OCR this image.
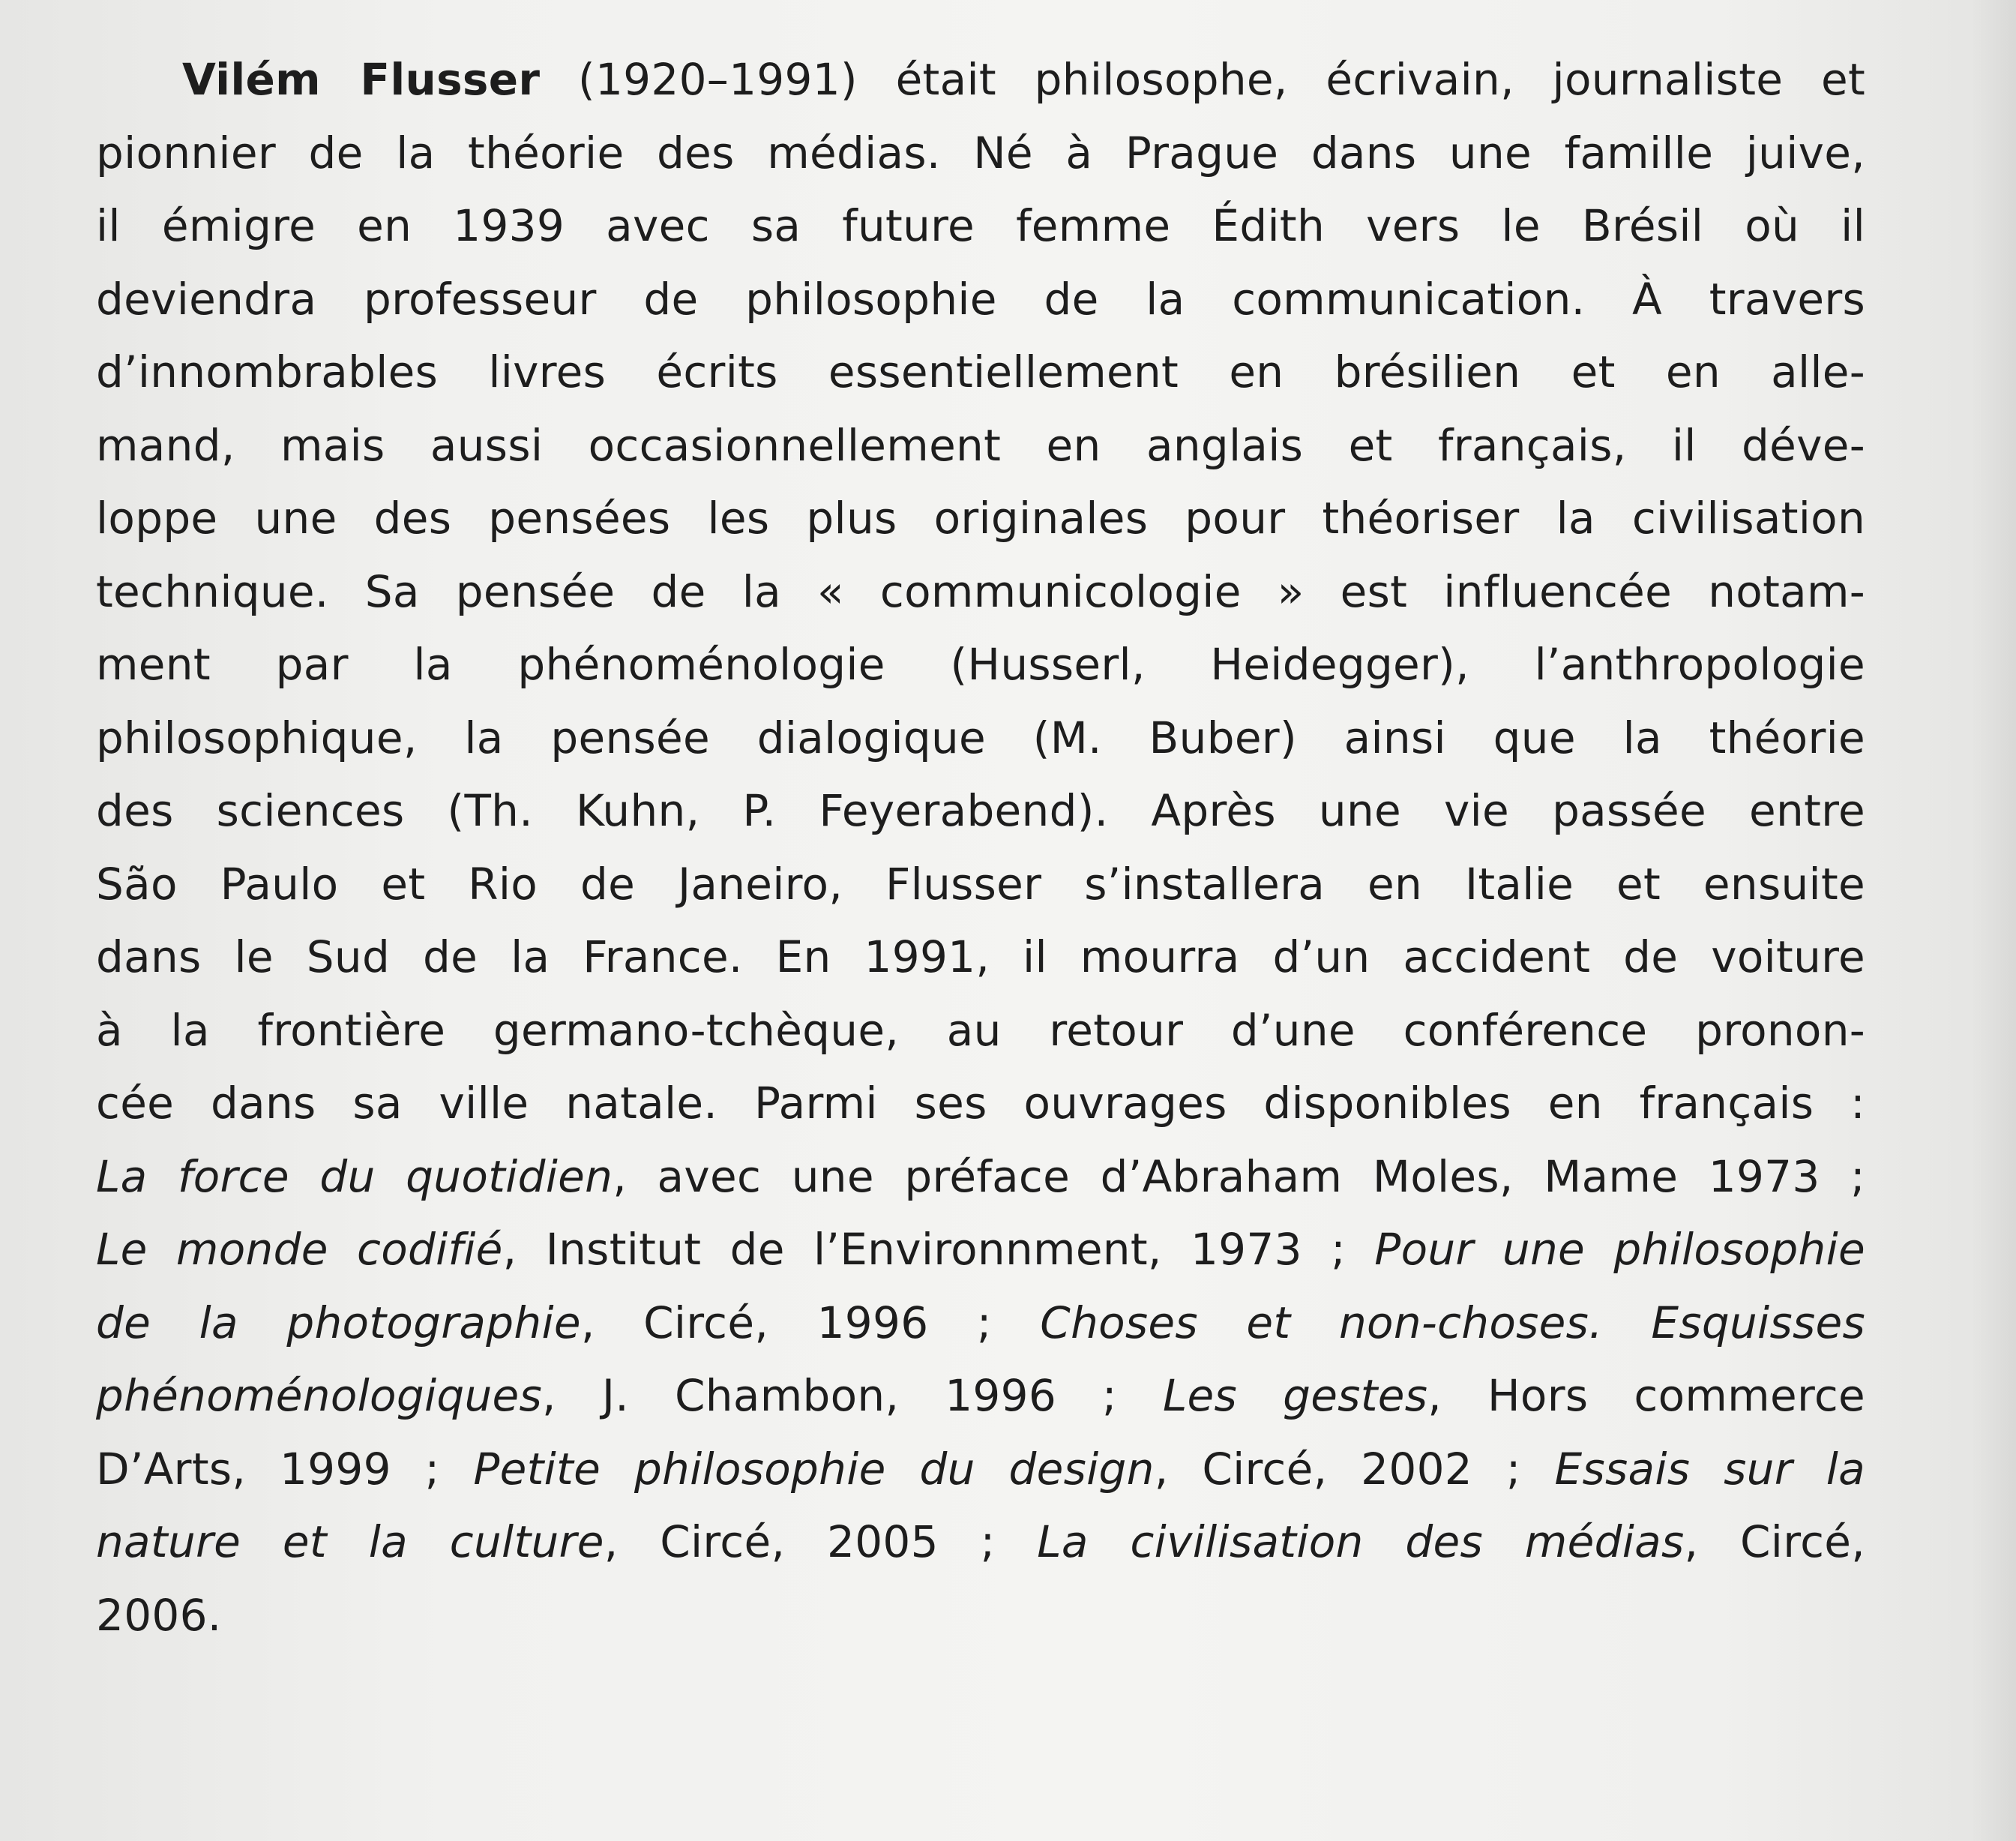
Vilém Flusser (1920–1991) était philosophe, écrivain, journaliste et
pionnier de la théorie des médias. Né à Prague dans une famille juive,
il émigre en 1939 avec sa future femme Édith vers le Brésil où il
deviendra professeur de philosophie de la communication. À travers
d’innombrables livres écrits essentiellement en brésilien et en alle-
mand, mais aussi occasionnellement en anglais et français, il déve-
loppe une des pensées les plus originales pour théoriser la civilisation
technique. Sa pensée de la « communicologie » est influencée notam-
ment par la phénoménologie (Husserl, Heidegger), l’anthropologie
philosophique, la pensée dialogique (M. Buber) ainsi que la théorie
des sciences (Th. Kuhn, P. Feyerabend). Après une vie passée entre
São Paulo et Rio de Janeiro, Flusser s’installera en Italie et ensuite
dans le Sud de la France. En 1991, il mourra d’un accident de voiture
à la frontière germano-tchèque, au retour d’une conférence pronon-
cée dans sa ville natale. Parmi ses ouvrages disponibles en français :
La force du quotidien, avec une préface d’Abraham Moles, Mame 1973 ;
Le monde codifié, Institut de l’Environnment, 1973 ; Pour une philosophie
de la photographie, Circé, 1996 ; Choses et non-choses. Esquisses
phénoménologiques, J. Chambon, 1996 ; Les gestes, Hors commerce
D’Arts, 1999 ; Petite philosophie du design, Circé, 2002 ; Essais sur la
nature et la culture, Circé, 2005 ; La civilisation des médias, Circé,
2006.
